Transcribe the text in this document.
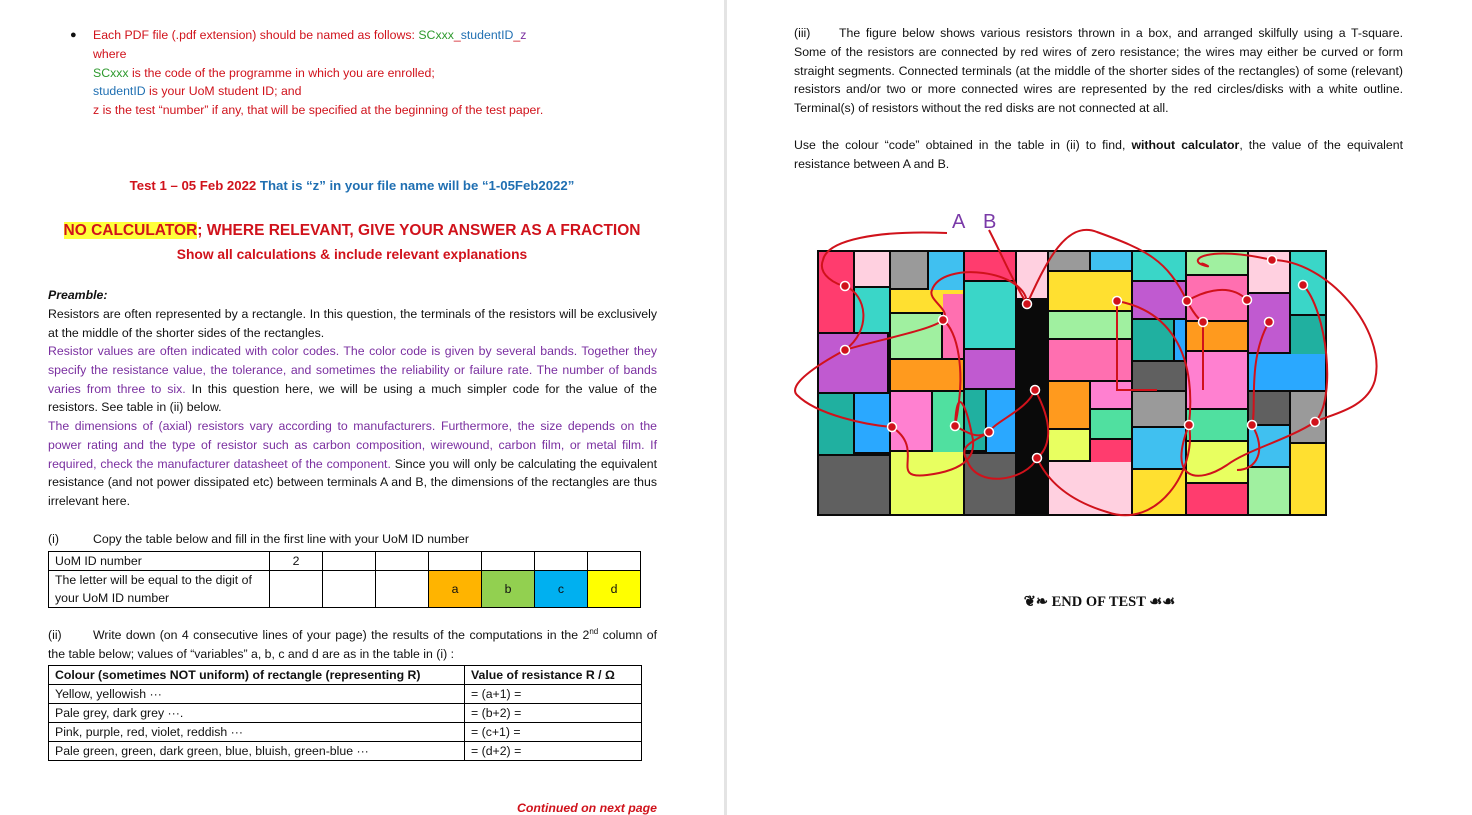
● Each PDF file (.pdf extension) should be named as follows: SCxxx_studentID_z
where
SCxxx is the code of the programme in which you are enrolled;
studentID is your UoM student ID; and
z is the test “number” if any, that will be specified at the beginning of the test paper.
Test 1 – 05 Feb 2022 That is “z” in your file name will be “1-05Feb2022”
NO CALCULATOR; WHERE RELEVANT, GIVE YOUR ANSWER AS A FRACTION
Show all calculations & include relevant explanations
Preamble:
Resistors are often represented by a rectangle. In this question, the terminals of the resistors will be exclusively at the middle of the shorter sides of the rectangles.
Resistor values are often indicated with color codes. The color code is given by several bands. Together they specify the resistance value, the tolerance, and sometimes the reliability or failure rate. The number of bands varies from three to six. In this question here, we will be using a much simpler code for the value of the resistors. See table in (ii) below.
The dimensions of (axial) resistors vary according to manufacturers. Furthermore, the size depends on the power rating and the type of resistor such as carbon composition, wirewound, carbon film, or metal film. If required, check the manufacturer datasheet of the component. Since you will only be calculating the equivalent resistance (and not power dissipated etc) between terminals A and B, the dimensions of the rectangles are thus irrelevant here.
(i)	Copy the table below and fill in the first line with your UoM ID number
UoM ID number	2						
The letter will be equal to the digit of your UoM ID number				a	b	c	d
(ii)	Write down (on 4 consecutive lines of your page) the results of the computations in the 2nd column of the table below; values of “variables” a, b, c and d are as in the table in (i) :
Colour (sometimes NOT uniform) of rectangle (representing R)	Value of resistance R / Ω
Yellow, yellowish ···	= (a+1) =
Pale grey, dark grey ···.	= (b+2) =
Pink, purple, red, violet, reddish ···	= (c+1) =
Pale green, green, dark green, blue, bluish, green-blue ···	= (d+2) =
Continued on next page
The figure below shows various resistors thrown in a box, and arranged skilfully using a T-square. Some of the resistors are connected by red wires of zero resistance; the wires may either be curved or form straight segments. Connected terminals (at the middle of the shorter sides of the rectangles) of some (relevant) resistors and/or two or more connected wires are represented by the red circles/disks with a white outline. Terminal(s) of resistors without the red disks are not connected at all.
(iii)
Use the colour “code” obtained in the table in (ii) to find, without calculator, the value of the equivalent resistance between A and B.
A B
❦❧ END OF TEST ☙☙
